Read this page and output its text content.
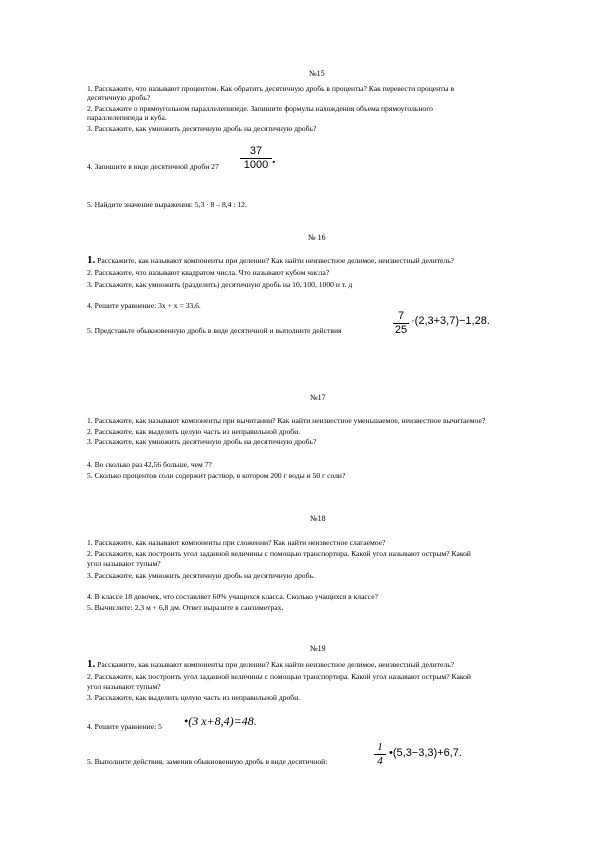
№15
1. Расскажите, что называют процентом. Как обратить десятичную дробь в проценты? Как перевести проценты в
десятичную дробь?
2. Расскажите о прямоугольном параллелепипеде. Запишите формулы нахождения объема прямоугольного
параллелепипеда и куба.
3. Расскажите, как умножить десятичную дробь на десятичную дробь?
4. Запишите в виде десятичной дроби 27
37
1000 .
5. Найдите значение выражения: 5,3 · 8 – 8,4 : 12.
№ 16
1. Расскажите, как называют компоненты при делении? Как найти неизвестное делимое, неизвестный делитель?
2. Расскажите, что называют квадратом числа. Что называют кубом числа?
3. Расскажите, как умножить (разделить) десятичную дробь на 10, 100, 1000 и т. д
4. Решите уравнение: 3x + x = 33,6.
5. Представьте обыкновенную дробь в виде десятичной и выполните действия
7
25
·(2,3+3,7)−1,28.
№17
1. Расскажите, как называют компоненты при вычитании? Как найти неизвестное уменьшаемое, неизвестное вычитаемое?
2. Расскажите, как выделить целую часть из неправильной дроби.
3. Расскажите, как умножить десятичную дробь на десятичную дробь?
4. Во сколько раз 42,56 больше, чем 7?
5. Сколько процентов соли содержит раствор, в котором 200 г воды и 50 г соли?
№18
1. Расскажите, как называют компоненты при сложении? Как найти неизвестное слагаемое?
2. Расскажите, как построить угол заданной величины с помощью транспортира. Какой угол называют острым? Какой
угол называют тупым?
3. Расскажите, как умножить десятичную дробь на десятичную дробь.
4. В классе 18 девочек, что составляет 60% учащихся класса. Сколько учащихся в классе?
5. Вычислите: 2,3 м + 6,8 дм. Ответ выразите в сантиметрах.
№19
1. Расскажите, как называют компоненты при делении? Как найти неизвестное делимое, неизвестный делитель?
2. Расскажите, как построить угол заданной величины с помощью транспортира. Какой угол называют острым? Какой
угол называют тупым?
3. Расскажите, как выделить целую часть из неправильной дроби.
4. Решите уравнение: 5 •(3 x+8,4)=48.
5. Выполните действия, заменив обыкновенную дробь в виде десятичной:
1
4
•(5,3−3,3)+6,7.
